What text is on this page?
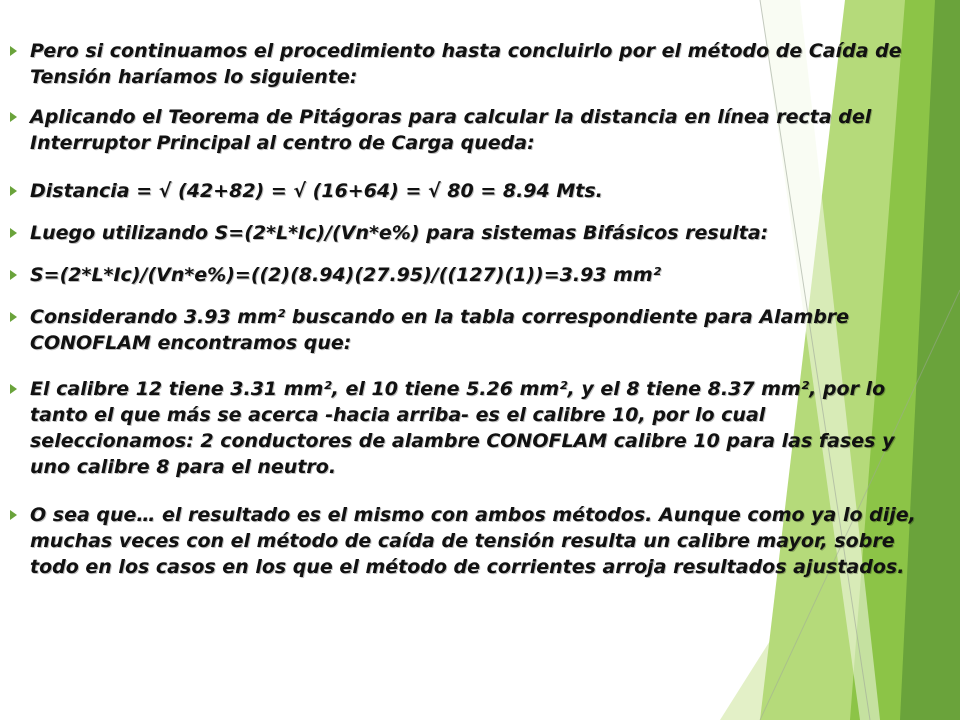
Pero si continuamos el procedimiento hasta concluirlo por el método de Caída de Tensión haríamos lo siguiente:
Aplicando el Teorema de Pitágoras para calcular la distancia en línea recta del Interruptor Principal al centro de Carga queda:
Distancia = √ (42+82) = √ (16+64) = √ 80 = 8.94 Mts.
Luego utilizando S=(2*L*Ic)/(Vn*e%) para sistemas Bifásicos resulta:
S=(2*L*Ic)/(Vn*e%)=((2)(8.94)(27.95)/((127)(1))=3.93 mm²
Considerando 3.93 mm² buscando en la tabla correspondiente para Alambre CONOFLAM encontramos que:
El calibre 12 tiene 3.31 mm², el 10 tiene 5.26 mm², y el 8 tiene 8.37 mm², por lo tanto el que más se acerca -hacia arriba- es el calibre 10, por lo cual seleccionamos: 2 conductores de alambre CONOFLAM calibre 10 para las fases y uno calibre 8 para el neutro.
O sea que… el resultado es el mismo con ambos métodos. Aunque como ya lo dije, muchas veces con el método de caída de tensión resulta un calibre mayor, sobre todo en los casos en los que el método de corrientes arroja resultados ajustados.
